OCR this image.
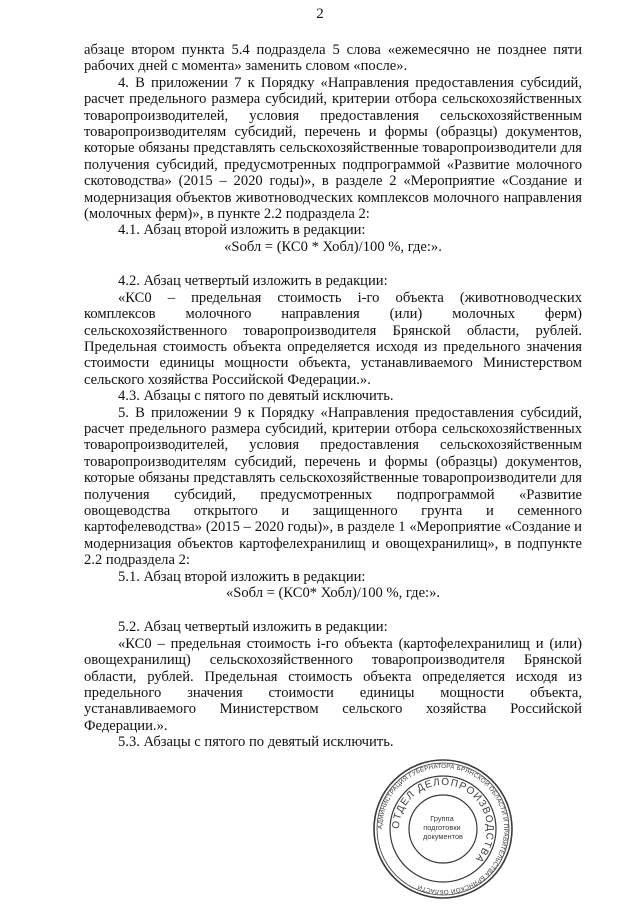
2

абзаце втором пункта 5.4 подраздела 5 слова «ежемесячно не позднее пяти рабочих дней с момента» заменить словом «после».

4. В приложении 7 к Порядку «Направления предоставления субсидий, расчет предельного размера субсидий, критерии отбора сельскохозяйственных товаропроизводителей, условия предоставления сельскохозяйственным товаропроизводителям субсидий, перечень и формы (образцы) документов, которые обязаны представлять сельскохозяйственные товаропроизводители для получения субсидий, предусмотренных подпрограммой «Развитие молочного скотоводства» (2015 – 2020 годы)», в разделе 2 «Мероприятие «Создание и модернизация объектов животноводческих комплексов молочного направления (молочных ферм)», в пункте 2.2 подраздела 2:

4.1. Абзац второй изложить в редакции:

«Sобл = (КС0 * Хобл)/100 %, где:».

4.2. Абзац четвертый изложить в редакции:

«КС0 – предельная стоимость i-го объекта (животноводческих комплексов молочного направления (или) молочных ферм) сельскохозяйственного товаропроизводителя Брянской области, рублей. Предельная стоимость объекта определяется исходя из предельного значения стоимости единицы мощности объекта, устанавливаемого Министерством сельского хозяйства Российской Федерации.».

4.3. Абзацы с пятого по девятый исключить.

5. В приложении 9 к Порядку «Направления предоставления субсидий, расчет предельного размера субсидий, критерии отбора сельскохозяйственных товаропроизводителей, условия предоставления сельскохозяйственным товаропроизводителям субсидий, перечень и формы (образцы) документов, которые обязаны представлять сельскохозяйственные товаропроизводители для получения субсидий, предусмотренных подпрограммой «Развитие овощеводства открытого и защищенного грунта и семенного картофелеводства» (2015 – 2020 годы)», в разделе 1 «Мероприятие «Создание и модернизация объектов картофелехранилищ и овощехранилищ», в подпункте 2.2 подраздела 2:

5.1. Абзац второй изложить в редакции:

«Sобл = (КС0* Хобл)/100 %, где:».

5.2. Абзац четвертый изложить в редакции:

«КС0 – предельная стоимость i-го объекта (картофелехранилищ и (или) овощехранилищ) сельскохозяйственного товаропроизводителя Брянской области, рублей. Предельная стоимость объекта определяется исходя из предельного значения стоимости единицы мощности объекта, устанавливаемого Министерством сельского хозяйства Российской Федерации.».

5.3. Абзацы с пятого по девятый исключить.

АДМИНИСТРАЦИЯ ГУБЕРНАТОРА БРЯНСКОЙ ОБЛАСТИ И ПРАВИТЕЛЬСТВА БРЯНСКОЙ ОБЛАСТИ
ОТДЕЛ ДЕЛОПРОИЗВОДСТВА
Группа подготовки документов
